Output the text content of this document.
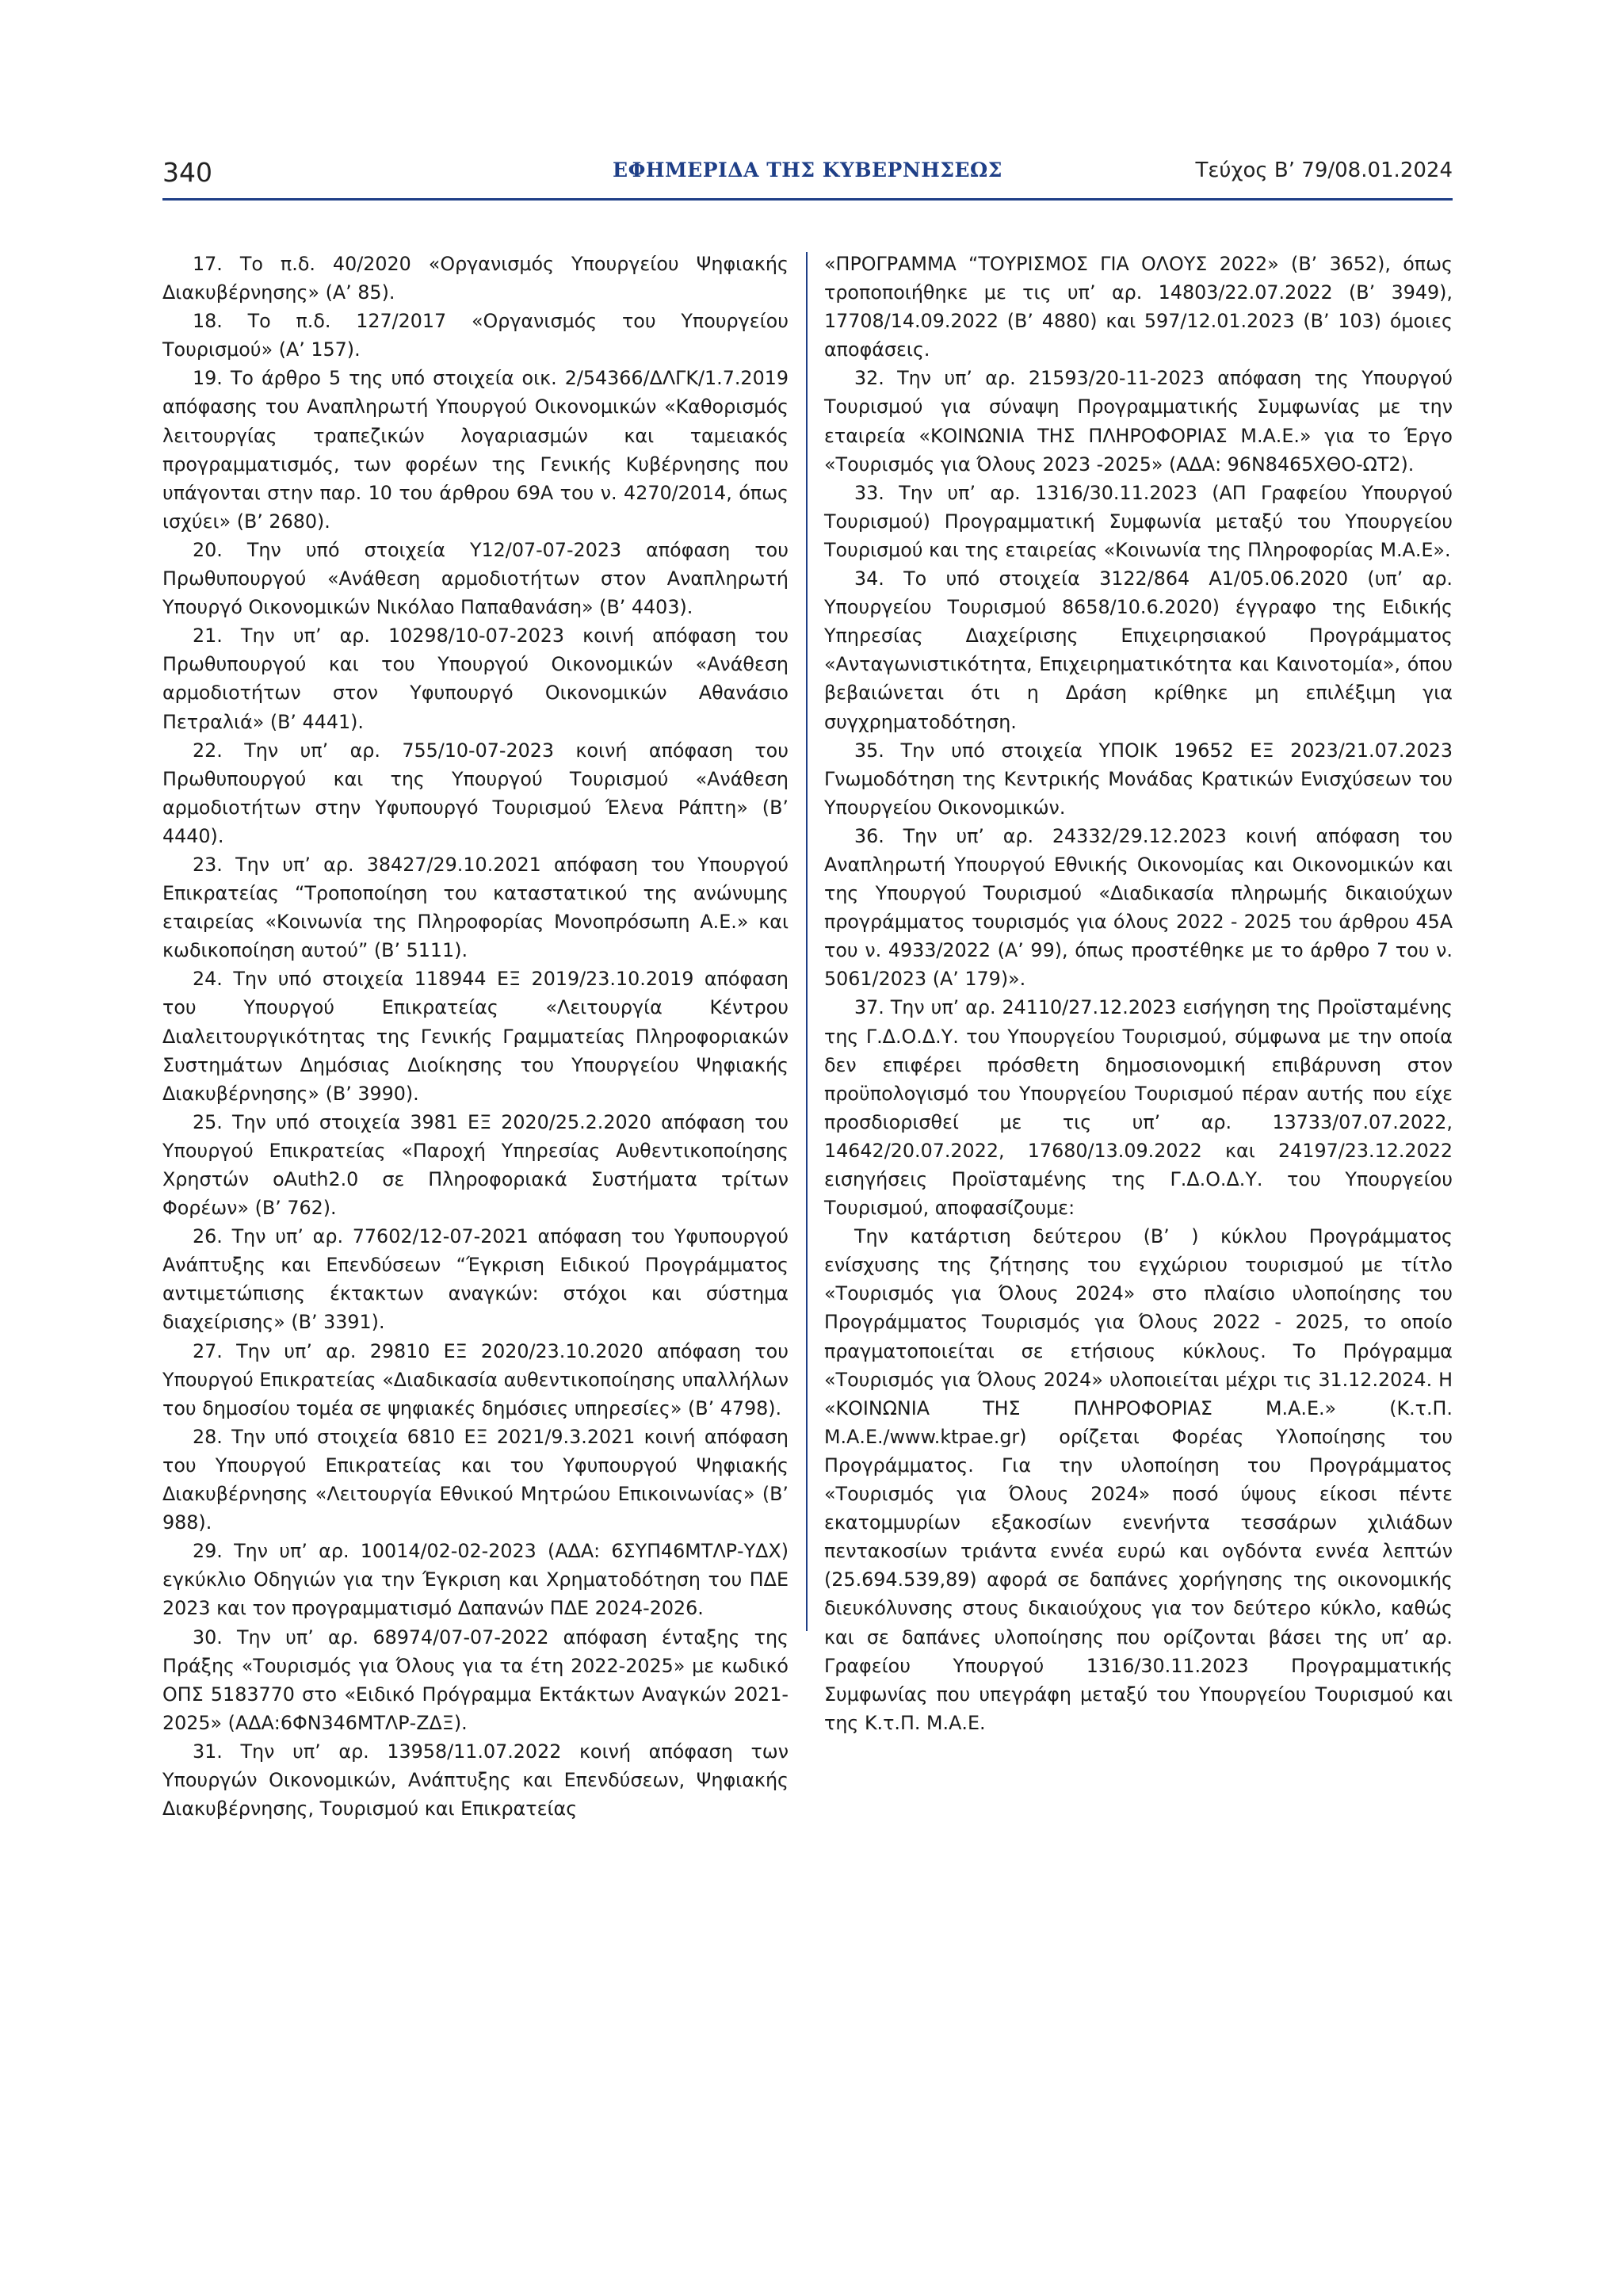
340	ΕΦΗΜΕΡΙΔΑ ΤΗΣ ΚΥΒΕΡΝΗΣΕΩΣ	Τεύχος B’ 79/08.01.2024

17. Το π.δ. 40/2020 «Οργανισμός Υπουργείου Ψηφιακής Διακυβέρνησης» (Α’ 85).

18. Το π.δ. 127/2017 «Οργανισμός του Υπουργείου Τουρισμού» (Α’ 157).

19. Το άρθρο 5 της υπό στοιχεία οικ. 2/54366/ΔΛΓΚ/1.7.2019 απόφασης του Αναπληρωτή Υπουργού Οικονομικών «Καθορισμός λειτουργίας τραπεζικών λογαριασμών και ταμειακός προγραμματισμός, των φορέων της Γενικής Κυβέρνησης που υπάγονται στην παρ. 10 του άρθρου 69Α του ν. 4270/2014, όπως ισχύει» (Β’ 2680).

20. Την υπό στοιχεία Υ12/07-07-2023 απόφαση του Πρωθυπουργού «Ανάθεση αρμοδιοτήτων στον Αναπληρωτή Υπουργό Οικονομικών Νικόλαο Παπαθανάση» (Β’ 4403).

21. Την υπ’ αρ. 10298/10-07-2023 κοινή απόφαση του Πρωθυπουργού και του Υπουργού Οικονομικών «Ανάθεση αρμοδιοτήτων στον Υφυπουργό Οικονομικών Αθανάσιο Πετραλιά» (Β’ 4441).

22. Την υπ’ αρ. 755/10-07-2023 κοινή απόφαση του Πρωθυπουργού και της Υπουργού Τουρισμού «Ανάθεση αρμοδιοτήτων στην Υφυπουργό Τουρισμού Έλενα Ράπτη» (Β’ 4440).

23. Την υπ’ αρ. 38427/29.10.2021 απόφαση του Υπουργού Επικρατείας “Τροποποίηση του καταστατικού της ανώνυμης εταιρείας «Κοινωνία της Πληροφορίας Μονοπρόσωπη Α.Ε.» και κωδικοποίηση αυτού” (Β’ 5111).

24. Την υπό στοιχεία 118944 ΕΞ 2019/23.10.2019 απόφαση του Υπουργού Επικρατείας «Λειτουργία Κέντρου Διαλειτουργικότητας της Γενικής Γραμματείας Πληροφοριακών Συστημάτων Δημόσιας Διοίκησης του Υπουργείου Ψηφιακής Διακυβέρνησης» (Β’ 3990).

25. Την υπό στοιχεία 3981 ΕΞ 2020/25.2.2020 απόφαση του Υπουργού Επικρατείας «Παροχή Υπηρεσίας Αυθεντικοποίησης Χρηστών oAuth2.0 σε Πληροφοριακά Συστήματα τρίτων Φορέων» (Β’ 762).

26. Την υπ’ αρ. 77602/12-07-2021 απόφαση του Υφυπουργού Ανάπτυξης και Επενδύσεων “Έγκριση Ειδικού Προγράμματος αντιμετώπισης έκτακτων αναγκών: στόχοι και σύστημα διαχείρισης» (Β’ 3391).

27. Την υπ’ αρ. 29810 ΕΞ 2020/23.10.2020 απόφαση του Υπουργού Επικρατείας «Διαδικασία αυθεντικοποίησης υπαλλήλων του δημοσίου τομέα σε ψηφιακές δημόσιες υπηρεσίες» (Β’ 4798).

28. Την υπό στοιχεία 6810 ΕΞ 2021/9.3.2021 κοινή απόφαση του Υπουργού Επικρατείας και του Υφυπουργού Ψηφιακής Διακυβέρνησης «Λειτουργία Εθνικού Μητρώου Επικοινωνίας» (Β’ 988).

29. Την υπ’ αρ. 10014/02-02-2023 (ΑΔΑ: 6ΣΥΠ46ΜΤΛΡ-ΥΔΧ) εγκύκλιο Οδηγιών για την Έγκριση και Χρηματοδότηση του ΠΔΕ 2023 και τον προγραμματισμό Δαπανών ΠΔΕ 2024-2026.

30. Την υπ’ αρ. 68974/07-07-2022 απόφαση ένταξης της Πράξης «Τουρισμός για Όλους για τα έτη 2022-2025» με κωδικό ΟΠΣ 5183770 στο «Ειδικό Πρόγραμμα Εκτάκτων Αναγκών 2021-2025» (ΑΔΑ:6ΦΝ346ΜΤΛΡ-ΖΔΞ).

31. Την υπ’ αρ. 13958/11.07.2022 κοινή απόφαση των Υπουργών Οικονομικών, Ανάπτυξης και Επενδύσεων, Ψηφιακής Διακυβέρνησης, Τουρισμού και Επικρατείας

«ΠΡΟΓΡΑΜΜΑ “ΤΟΥΡΙΣΜΟΣ ΓΙΑ ΟΛΟΥΣ 2022» (Β’ 3652), όπως τροποποιήθηκε με τις υπ’ αρ. 14803/22.07.2022 (Β’ 3949), 17708/14.09.2022 (Β’ 4880) και 597/12.01.2023 (Β’ 103) όμοιες αποφάσεις.

32. Την υπ’ αρ. 21593/20-11-2023 απόφαση της Υπουργού Τουρισμού για σύναψη Προγραμματικής Συμφωνίας με την εταιρεία «ΚΟΙΝΩΝΙΑ ΤΗΣ ΠΛΗΡΟΦΟΡΙΑΣ Μ.Α.Ε.» για το Έργο «Τουρισμός για Όλους 2023 -2025» (ΑΔΑ: 96Ν8465ΧΘΟ-ΩΤ2).

33. Την υπ’ αρ. 1316/30.11.2023 (ΑΠ Γραφείου Υπουργού Τουρισμού) Προγραμματική Συμφωνία μεταξύ του Υπουργείου Τουρισμού και της εταιρείας «Κοινωνία της Πληροφορίας Μ.Α.Ε».

34. Το υπό στοιχεία 3122/864 Α1/05.06.2020 (υπ’ αρ. Υπουργείου Τουρισμού 8658/10.6.2020) έγγραφο της Ειδικής Υπηρεσίας Διαχείρισης Επιχειρησιακού Προγράμματος «Ανταγωνιστικότητα, Επιχειρηματικότητα και Καινοτομία», όπου βεβαιώνεται ότι η Δράση κρίθηκε μη επιλέξιμη για συγχρηματοδότηση.

35. Την υπό στοιχεία ΥΠΟΙΚ 19652 ΕΞ 2023/21.07.2023 Γνωμοδότηση της Κεντρικής Μονάδας Κρατικών Ενισχύσεων του Υπουργείου Οικονομικών.

36. Την υπ’ αρ. 24332/29.12.2023 κοινή απόφαση του Αναπληρωτή Υπουργού Εθνικής Οικονομίας και Οικονομικών και της Υπουργού Τουρισμού «Διαδικασία πληρωμής δικαιούχων προγράμματος τουρισμός για όλους 2022 - 2025 του άρθρου 45Α του ν. 4933/2022 (Α’ 99), όπως προστέθηκε με το άρθρο 7 του ν. 5061/2023 (Α’ 179)».

37. Την υπ’ αρ. 24110/27.12.2023 εισήγηση της Προϊσταμένης της Γ.Δ.Ο.Δ.Υ. του Υπουργείου Τουρισμού, σύμφωνα με την οποία δεν επιφέρει πρόσθετη δημοσιονομική επιβάρυνση στον προϋπολογισμό του Υπουργείου Τουρισμού πέραν αυτής που είχε προσδιορισθεί με τις υπ’ αρ. 13733/07.07.2022, 14642/20.07.2022, 17680/13.09.2022 και 24197/23.12.2022 εισηγήσεις Προϊσταμένης της Γ.Δ.Ο.Δ.Υ. του Υπουργείου Τουρισμού, αποφασίζουμε:

Την κατάρτιση δεύτερου (Β’ ) κύκλου Προγράμματος ενίσχυσης της ζήτησης του εγχώριου τουρισμού με τίτλο «Τουρισμός για Όλους 2024» στο πλαίσιο υλοποίησης του Προγράμματος Τουρισμός για Όλους 2022 - 2025, το οποίο πραγματοποιείται σε ετήσιους κύκλους. Το Πρόγραμμα «Τουρισμός για Όλους 2024» υλοποιείται μέχρι τις 31.12.2024. Η «ΚΟΙΝΩΝΙΑ ΤΗΣ ΠΛΗΡΟΦΟΡΙΑΣ Μ.Α.Ε.» (Κ.τ.Π. Μ.Α.Ε./www.ktpae.gr) ορίζεται Φορέας Υλοποίησης του Προγράμματος. Για την υλοποίηση του Προγράμματος «Τουρισμός για Όλους 2024» ποσό ύψους είκοσι πέντε εκατομμυρίων εξακοσίων ενενήντα τεσσάρων χιλιάδων πεντακοσίων τριάντα εννέα ευρώ και ογδόντα εννέα λεπτών (25.694.539,89) αφορά σε δαπάνες χορήγησης της οικονομικής διευκόλυνσης στους δικαιούχους για τον δεύτερο κύκλο, καθώς και σε δαπάνες υλοποίησης που ορίζονται βάσει της υπ’ αρ. Γραφείου Υπουργού 1316/30.11.2023 Προγραμματικής Συμφωνίας που υπεγράφη μεταξύ του Υπουργείου Τουρισμού και της Κ.τ.Π. Μ.Α.Ε.
